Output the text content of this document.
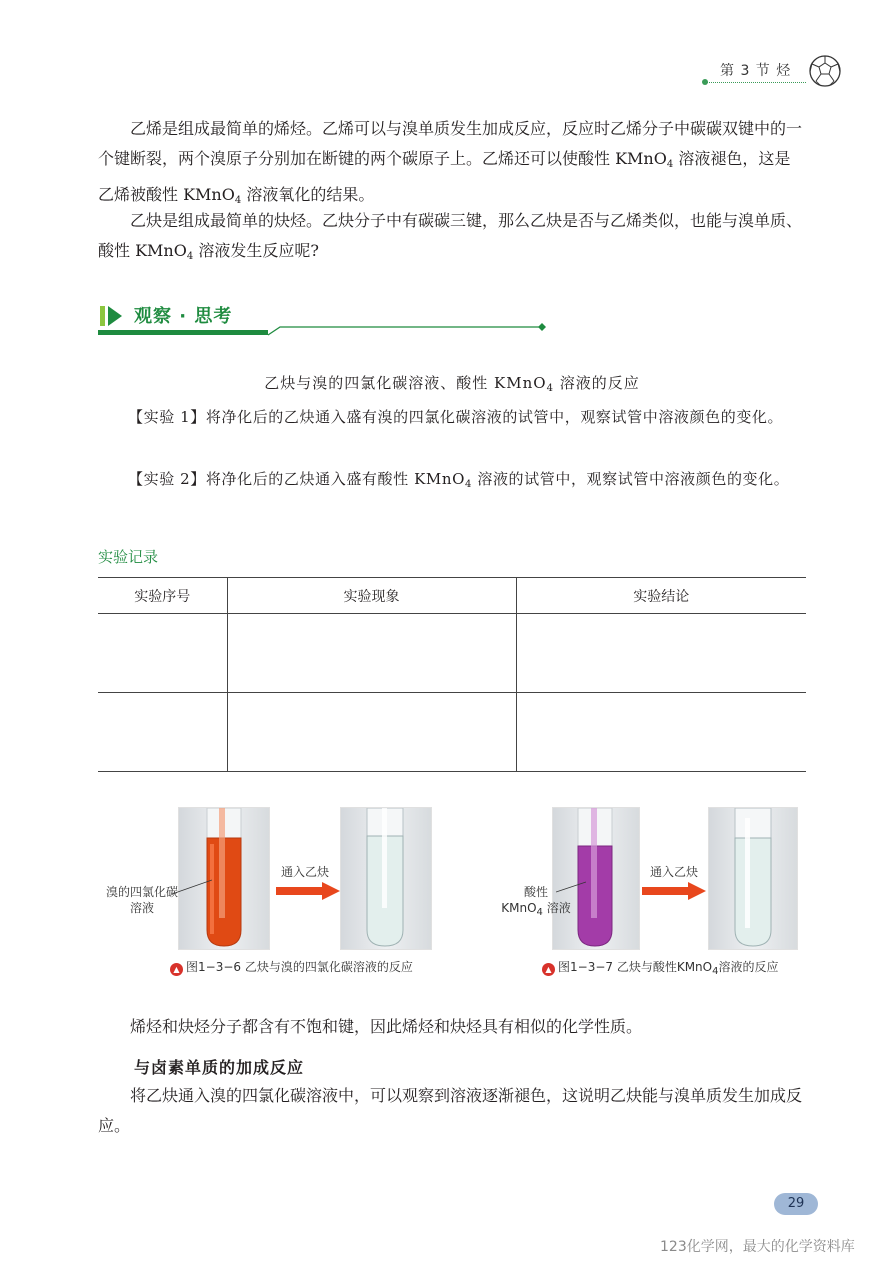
第 3 节 烃

乙烯是组成最简单的烯烃。乙烯可以与溴单质发生加成反应，反应时乙烯分子中碳碳双键中的一个键断裂，两个溴原子分别加在断键的两个碳原子上。乙烯还可以使酸性 KMnO$_4$ 溶液褪色，这是乙烯被酸性 KMnO$_4$ 溶液氧化的结果。

乙炔是组成最简单的炔烃。乙炔分子中有碳碳三键，那么乙炔是否与乙烯类似，也能与溴单质、酸性 KMnO$_4$ 溶液发生反应呢?

观察 · 思考
乙炔与溴的四氯化碳溶液、酸性 KMnO$_4$ 溶液的反应

【实验 1】将净化后的乙炔通入盛有溴的四氯化碳溶液的试管中，观察试管中溶液颜色的变化。

【实验 2】将净化后的乙炔通入盛有酸性 KMnO$_4$ 溶液的试管中，观察试管中溶液颜色的变化。

实验记录
实验序号	实验现象	实验结论

溴的四氯化碳
溶液
通入乙炔
▲ 图1−3−6 乙炔与溴的四氯化碳溶液的反应
酸性
KMnO$_4$ 溶液
通入乙炔
▲ 图1−3−7 乙炔与酸性KMnO$_4$溶液的反应

烯烃和炔烃分子都含有不饱和键，因此烯烃和炔烃具有相似的化学性质。

与卤素单质的加成反应

将乙炔通入溴的四氯化碳溶液中，可以观察到溶液逐渐褪色，这说明乙炔能与溴单质发生加成反应。

29
123化学网，最大的化学资料库
